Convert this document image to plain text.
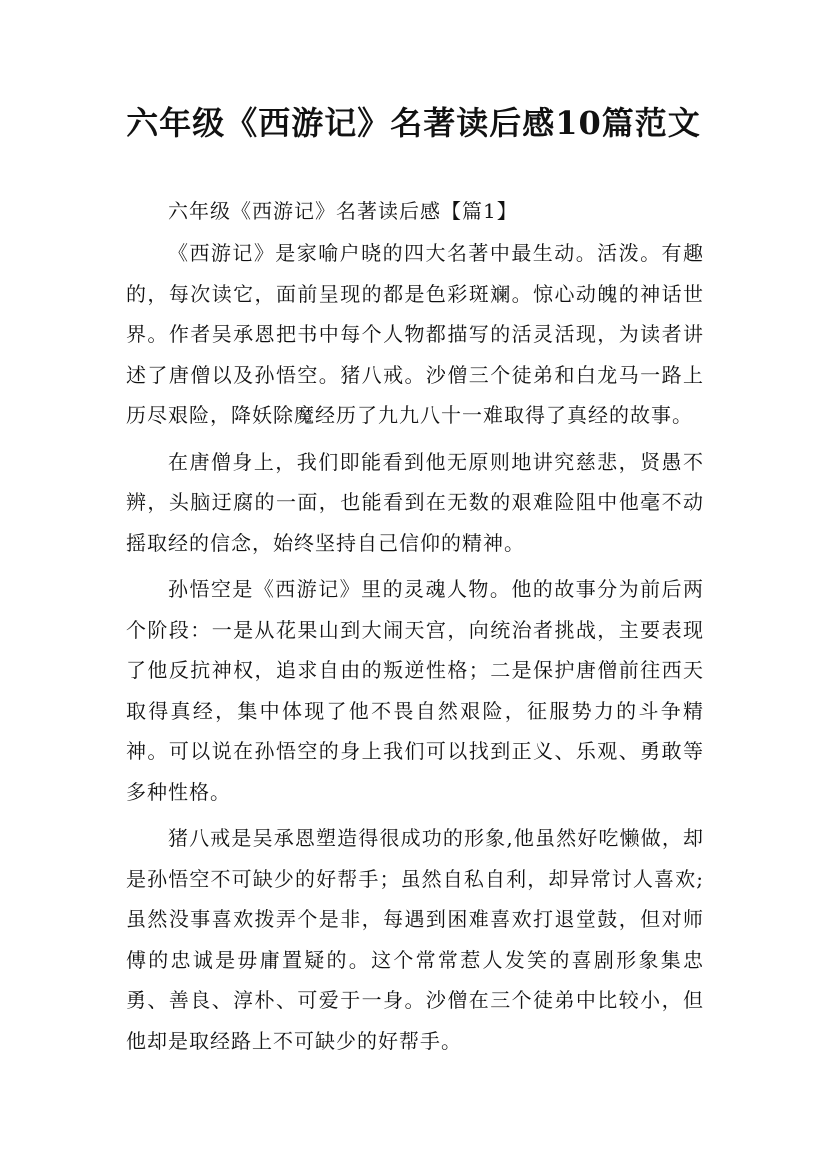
六年级《西游记》名著读后感10篇范文

六年级《西游记》名著读后感【篇1】

《西游记》是家喻户晓的四大名著中最生动。活泼。有趣的，每次读它，面前呈现的都是色彩斑斓。惊心动魄的神话世界。作者吴承恩把书中每个人物都描写的活灵活现，为读者讲述了唐僧以及孙悟空。猪八戒。沙僧三个徒弟和白龙马一路上历尽艰险，降妖除魔经历了九九八十一难取得了真经的故事。

在唐僧身上，我们即能看到他无原则地讲究慈悲，贤愚不辨，头脑迂腐的一面，也能看到在无数的艰难险阻中他毫不动摇取经的信念，始终坚持自己信仰的精神。

孙悟空是《西游记》里的灵魂人物。他的故事分为前后两个阶段：一是从花果山到大闹天宫，向统治者挑战，主要表现了他反抗神权，追求自由的叛逆性格；二是保护唐僧前往西天取得真经，集中体现了他不畏自然艰险，征服势力的斗争精神。可以说在孙悟空的身上我们可以找到正义、乐观、勇敢等多种性格。

猪八戒是吴承恩塑造得很成功的形象,他虽然好吃懒做，却是孙悟空不可缺少的好帮手；虽然自私自利，却异常讨人喜欢;虽然没事喜欢拨弄个是非，每遇到困难喜欢打退堂鼓，但对师傅的忠诚是毋庸置疑的。这个常常惹人发笑的喜剧形象集忠勇、善良、淳朴、可爱于一身。沙僧在三个徒弟中比较小，但他却是取经路上不可缺少的好帮手。
